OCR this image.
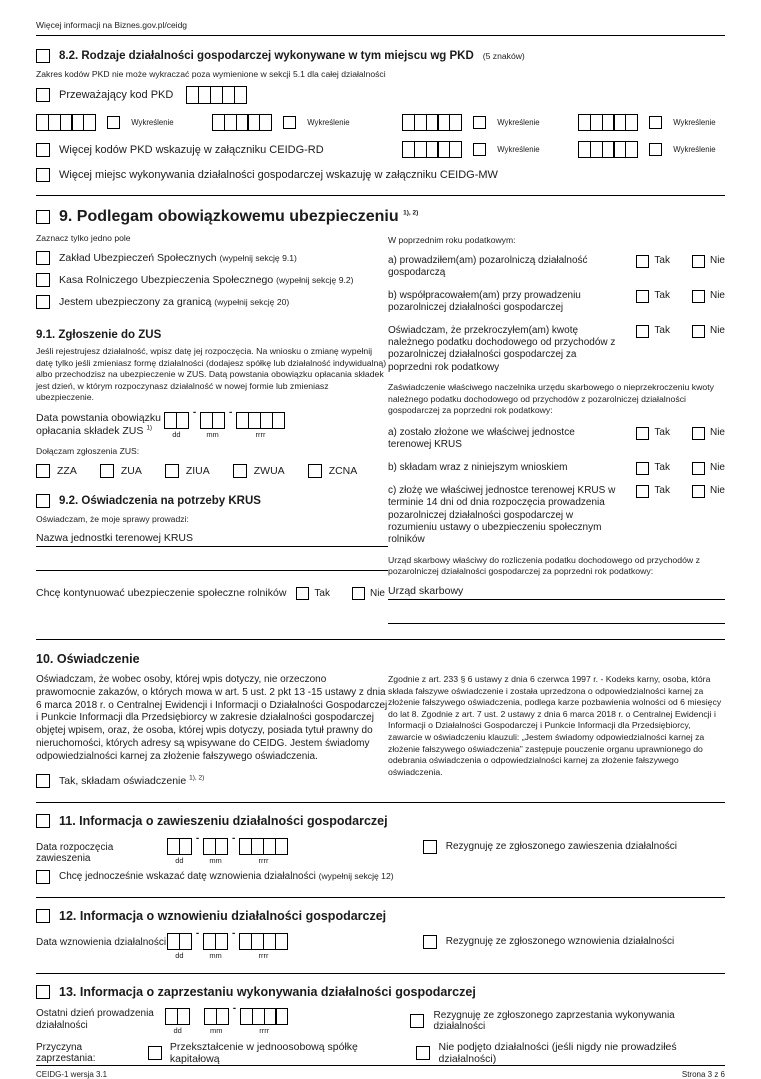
Więcej informacji na Biznes.gov.pl/ceidg
8.2. Rodzaje działalności gospodarczej wykonywane w tym miejscu wg PKD (5 znaków)
Zakres kodów PKD nie może wykraczać poza wymienione w sekcji 5.1 dla całej działalności
Przeważający kod PKD
Wykreślenie	Wykreślenie	Wykreślenie	Wykreślenie
Więcej kodów PKD wskazuję w załączniku CEIDG-RD	Wykreślenie	Wykreślenie
Więcej miejsc wykonywania działalności gospodarczej wskazuję w załączniku CEIDG-MW
9. Podlegam obowiązkowemu ubezpieczeniu $^{1), 2)}$
Zaznacz tylko jedno pole
Zakład Ubezpieczeń Społecznych (wypełnij sekcję 9.1)
Kasa Rolniczego Ubezpieczenia Społecznego (wypełnij sekcję 9.2)
Jestem ubezpieczony za granicą (wypełnij sekcję 20)
9.1. Zgłoszenie do ZUS
Jeśli rejestrujesz działalność, wpisz datę jej rozpoczęcia. Na wniosku o zmianę wypełnij datę tylko jeśli zmieniasz formę działalności (dodajesz spółkę lub działalność indywidualną) albo przechodzisz na ubezpieczenie w ZUS. Datą powstania obowiązku opłacania składek jest dzień, w którym rozpoczynasz działalność w nowej formie lub zmieniasz ubezpieczenie.
Data powstania obowiązku
opłacania składek ZUS $^{1)}$
dd
-
mm
-
rrrr
Dołączam zgłoszenia ZUS:
ZZA	ZUA	ZIUA	ZWUA	ZCNA
9.2. Oświadczenia na potrzeby KRUS
Oświadczam, że moje sprawy prowadzi:
Nazwa jednostki terenowej KRUS
Chcę kontynuować ubezpieczenie społeczne rolników	Tak	Nie
W poprzednim roku podatkowym:
a) prowadziłem(am) pozarolniczą działalność gospodarczą
Tak	Nie
b) współpracowałem(am) przy prowadzeniu pozarolniczej działalności gospodarczej
Tak	Nie
Oświadczam, że przekroczyłem(am) kwotę należnego podatku dochodowego od przychodów z pozarolniczej działalności gospodarczej za poprzedni rok podatkowy
Tak	Nie
Zaświadczenie właściwego naczelnika urzędu skarbowego o nieprzekroczeniu kwoty należnego podatku dochodowego od przychodów z pozarolniczej działalności gospodarczej za poprzedni rok podatkowy:
a) zostało złożone we właściwej jednostce terenowej KRUS
Tak	Nie
b) składam wraz z niniejszym wnioskiem	Tak	Nie
c) złożę we właściwej jednostce terenowej KRUS w terminie 14 dni od dnia rozpoczęcia prowadzenia pozarolniczej działalności gospodarczej w rozumieniu ustawy o ubezpieczeniu społecznym rolników
Tak	Nie
Urząd skarbowy właściwy do rozliczenia podatku dochodowego od przychodów z pozarolniczej działalności gospodarczej za poprzedni rok podatkowy:
Urząd skarbowy
10. Oświadczenie
Oświadczam, że wobec osoby, której wpis dotyczy, nie orzeczono prawomocnie zakazów, o których mowa w art. 5 ust. 2 pkt 13 -15 ustawy z dnia 6 marca 2018 r. o Centralnej Ewidencji i Informacji o Działalności Gospodarczej i Punkcie Informacji dla Przedsiębiorcy w zakresie działalności gospodarczej objętej wpisem, oraz, że osoba, której wpis dotyczy, posiada tytuł prawny do nieruchomości, których adresy są wpisywane do CEIDG. Jestem świadomy odpowiedzialności karnej za złożenie fałszywego oświadczenia.
Tak, składam oświadczenie $^{1), 2)}$
Zgodnie z art. 233 § 6 ustawy z dnia 6 czerwca 1997 r. - Kodeks karny, osoba, która składa fałszywe oświadczenie i została uprzedzona o odpowiedzialności karnej za złożenie fałszywego oświadczenia, podlega karze pozbawienia wolności od 6 miesięcy do lat 8. Zgodnie z art. 7 ust. 2 ustawy z dnia 6 marca 2018 r. o Centralnej Ewidencji i Informacji o Działalności Gospodarczej i Punkcie Informacji dla Przedsiębiorcy, zawarcie w oświadczeniu klauzuli: „Jestem świadomy odpowiedzialności karnej za złożenie fałszywego oświadczenia” zastępuje pouczenie organu uprawnionego do odebrania oświadczenia o odpowiedzialności karnej za złożenie fałszywego oświadczenia.
11. Informacja o zawieszeniu działalności gospodarczej
Data rozpoczęcia zawieszenia	dd
-
mm
-
rrrr
Rezygnuję ze zgłoszonego zawieszenia działalności
Chcę jednocześnie wskazać datę wznowienia działalności (wypełnij sekcję 12)
12. Informacja o wznowieniu działalności gospodarczej
Data wznowienia działalności
dd
-
mm
-
rrrr
Rezygnuję ze zgłoszonego wznowienia działalności
13. Informacja o zaprzestaniu wykonywania działalności gospodarczej
Ostatni dzień prowadzenia
działalności	dd	mm
-
rrrr
Rezygnuję ze zgłoszonego zaprzestania wykonywania działalności
Przyczyna zaprzestania:
Przekształcenie w jednoosobową spółkę kapitałową
Nie podjęto działalności (jeśli nigdy nie prowadziłeś działalności)
CEIDG-1 wersja 3.1	Strona 3 z 6
